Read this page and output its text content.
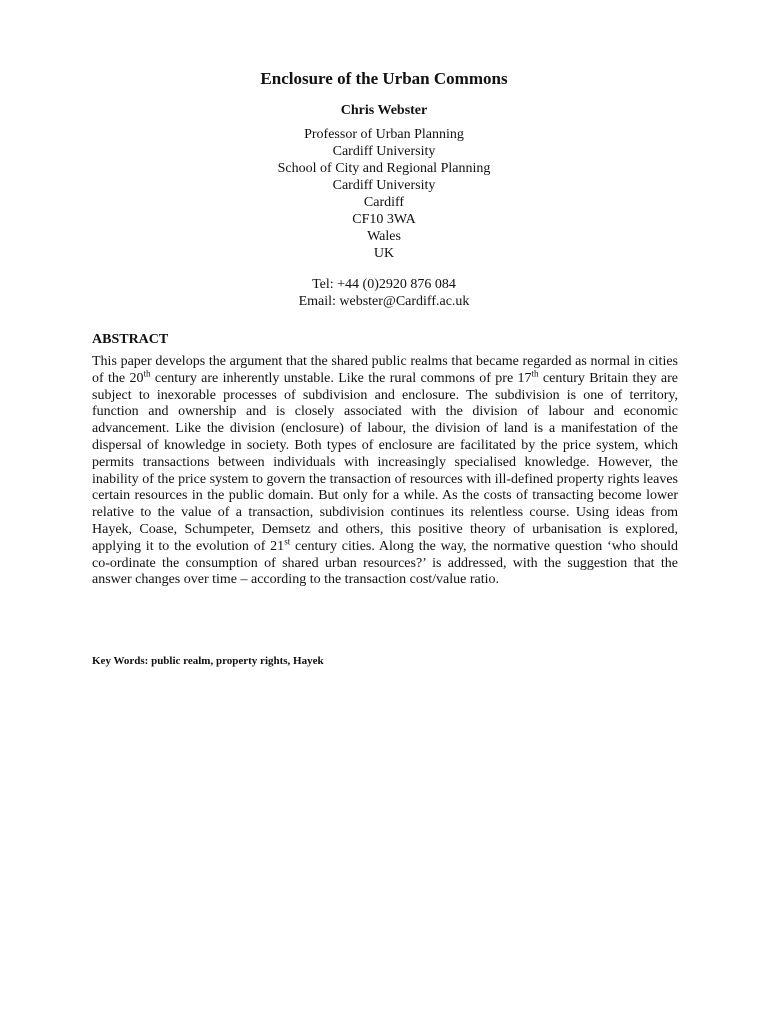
Enclosure of the Urban Commons
Chris Webster
Professor of Urban Planning
Cardiff University
School of City and Regional Planning
Cardiff University
Cardiff
CF10 3WA
Wales
UK
Tel: +44 (0)2920 876 084
Email: webster@Cardiff.ac.uk
ABSTRACT
This paper develops the argument that the shared public realms that became regarded as normal in cities of the 20th century are inherently unstable. Like the rural commons of pre 17th century Britain they are subject to inexorable processes of subdivision and enclosure. The subdivision is one of territory, function and ownership and is closely associated with the division of labour and economic advancement. Like the division (enclosure) of labour, the division of land is a manifestation of the dispersal of knowledge in society. Both types of enclosure are facilitated by the price system, which permits transactions between individuals with increasingly specialised knowledge. However, the inability of the price system to govern the transaction of resources with ill-defined property rights leaves certain resources in the public domain. But only for a while. As the costs of transacting become lower relative to the value of a transaction, subdivision continues its relentless course. Using ideas from Hayek, Coase, Schumpeter, Demsetz and others, this positive theory of urbanisation is explored, applying it to the evolution of 21st century cities. Along the way, the normative question ‘who should co-ordinate the consumption of shared urban resources?’ is addressed, with the suggestion that the answer changes over time – according to the transaction cost/value ratio.
Key Words: public realm, property rights, Hayek
